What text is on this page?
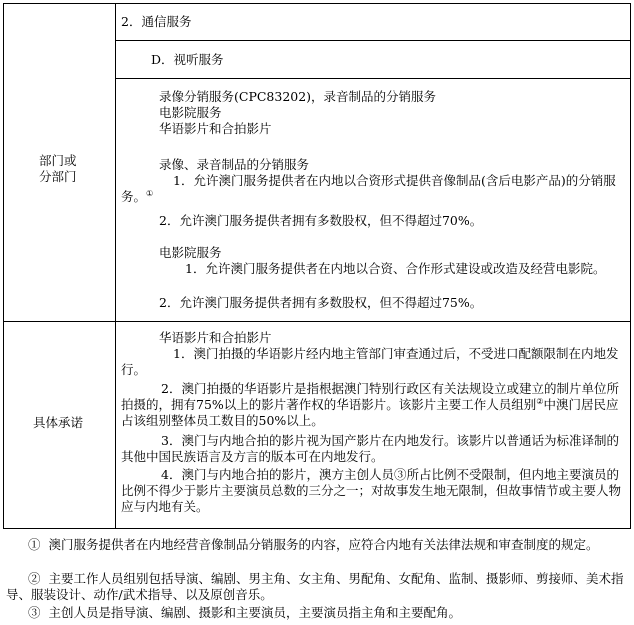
部门或
分部门
具体承诺
2．通信服务
D．视听服务
录像分销服务(CPC83202)，录音制品的分销服务
电影院服务
华语影片和合拍影片
录像、录音制品的分销服务
1．允许澳门服务提供者在内地以合资形式提供音像制品(含后电影产品)的分销服务。①
2．允许澳门服务提供者拥有多数股权，但不得超过70%。
电影院服务
1．允许澳门服务提供者在内地以合资、合作形式建设或改造及经营电影院。
2．允许澳门服务提供者拥有多数股权，但不得超过75%。
华语影片和合拍影片
1．澳门拍摄的华语影片经内地主管部门审查通过后，不受进口配额限制在内地发行。
2．澳门拍摄的华语影片是指根据澳门特别行政区有关法规设立或建立的制片单位所拍摄的，拥有75%以上的影片著作权的华语影片。该影片主要工作人员组别②中澳门居民应占该组别整体员工数目的50%以上。
3．澳门与内地合拍的影片视为国产影片在内地发行。该影片以普通话为标准译制的其他中国民族语言及方言的版本可在内地发行。
4．澳门与内地合拍的影片，澳方主创人员③所占比例不受限制，但内地主要演员的比例不得少于影片主要演员总数的三分之一；对故事发生地无限制，但故事情节或主要人物应与内地有关。
① 澳门服务提供者在内地经营音像制品分销服务的内容，应符合内地有关法律法规和审查制度的规定。
② 主要工作人员组别包括导演、编剧、男主角、女主角、男配角、女配角、监制、摄影师、剪接师、美术指导、服装设计、动作/武术指导、以及原创音乐。
③ 主创人员是指导演、编剧、摄影和主要演员，主要演员指主角和主要配角。
